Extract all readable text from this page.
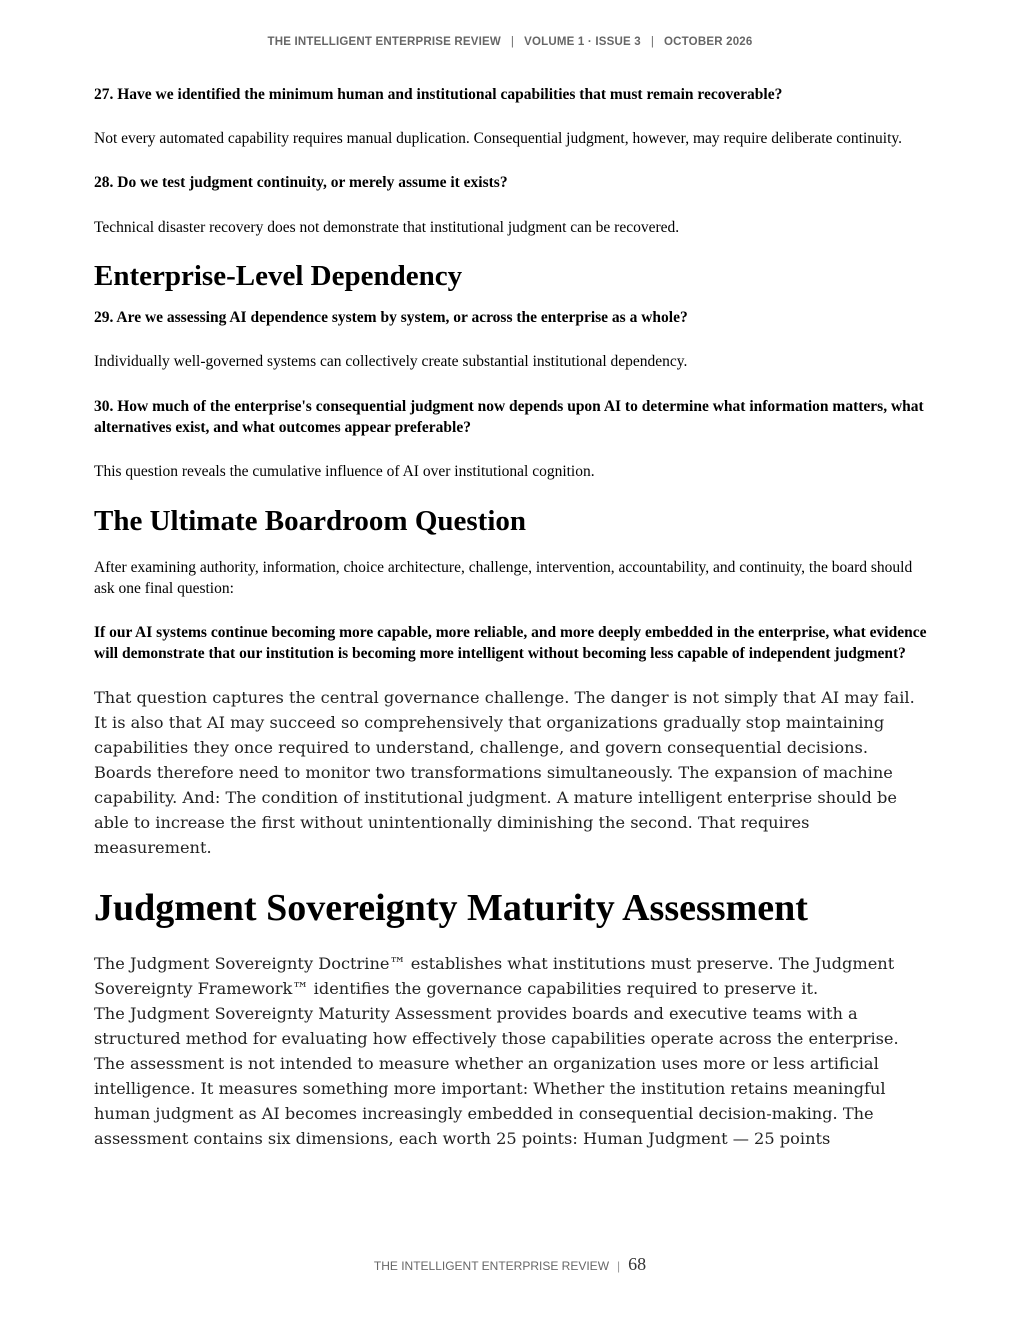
THE INTELLIGENT ENTERPRISE REVIEW | VOLUME 1 · ISSUE 3 | OCTOBER 2026

27. Have we identified the minimum human and institutional capabilities that must remain recoverable?

Not every automated capability requires manual duplication. Consequential judgment, however, may require deliberate continuity.

28. Do we test judgment continuity, or merely assume it exists?

Technical disaster recovery does not demonstrate that institutional judgment can be recovered.

Enterprise-Level Dependency

29. Are we assessing AI dependence system by system, or across the enterprise as a whole?

Individually well-governed systems can collectively create substantial institutional dependency.

30. How much of the enterprise's consequential judgment now depends upon AI to determine what information matters, what alternatives exist, and what outcomes appear preferable?

This question reveals the cumulative influence of AI over institutional cognition.

The Ultimate Boardroom Question

After examining authority, information, choice architecture, challenge, intervention, accountability, and continuity, the board should ask one final question:

If our AI systems continue becoming more capable, more reliable, and more deeply embedded in the enterprise, what evidence will demonstrate that our institution is becoming more intelligent without becoming less capable of independent judgment?

That question captures the central governance challenge. The danger is not simply that AI may fail. It is also that AI may succeed so comprehensively that organizations gradually stop maintaining capabilities they once required to understand, challenge, and govern consequential decisions. Boards therefore need to monitor two transformations simultaneously. The expansion of machine capability. And: The condition of institutional judgment. A mature intelligent enterprise should be able to increase the first without unintentionally diminishing the second. That requires measurement.

Judgment Sovereignty Maturity Assessment

The Judgment Sovereignty Doctrine™ establishes what institutions must preserve. The Judgment Sovereignty Framework™ identifies the governance capabilities required to preserve it.

The Judgment Sovereignty Maturity Assessment provides boards and executive teams with a structured method for evaluating how effectively those capabilities operate across the enterprise. The assessment is not intended to measure whether an organization uses more or less artificial intelligence. It measures something more important: Whether the institution retains meaningful human judgment as AI becomes increasingly embedded in consequential decision-making. The assessment contains six dimensions, each worth 25 points: Human Judgment — 25 points

THE INTELLIGENT ENTERPRISE REVIEW | 68
